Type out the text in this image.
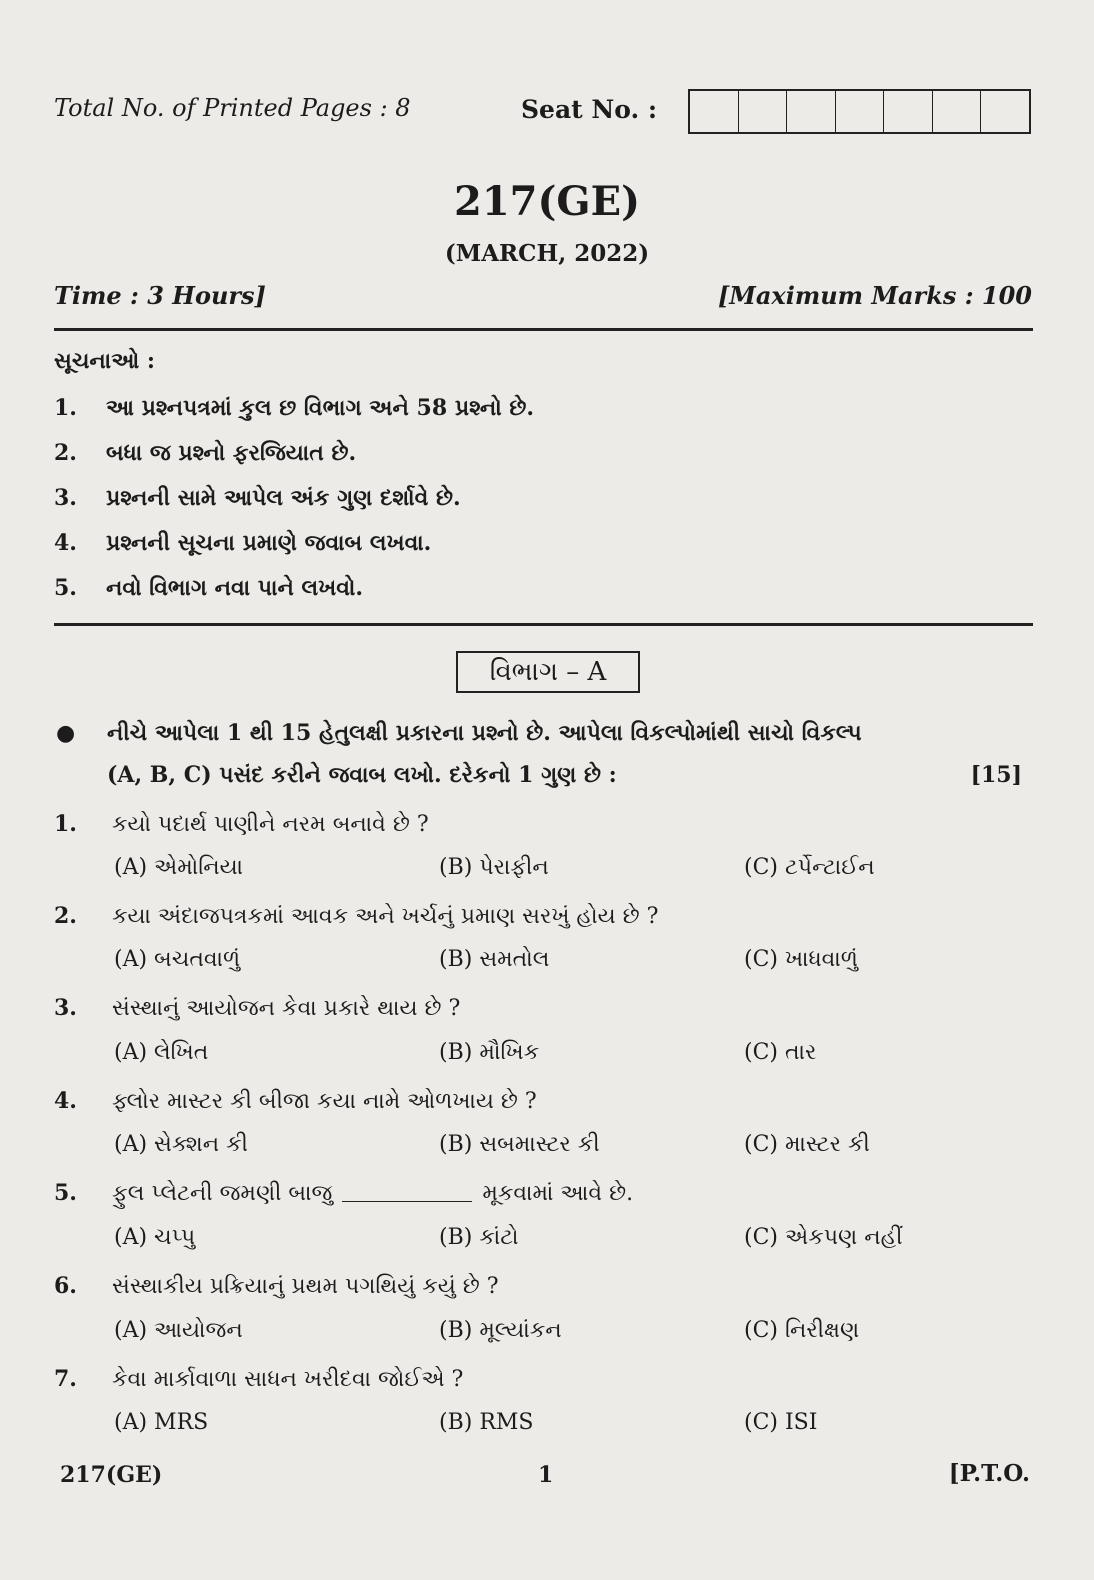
Total No. of Printed Pages : 8	Seat No. :
217(GE)
(MARCH, 2022)
Time : 3 Hours]	[Maximum Marks : 100
સૂચનાઓ :
1. આ પ્રશ્નપત્રમાં કુલ છ વિભાગ અને 58 પ્રશ્નો છે.
2. બધા જ પ્રશ્નો ફરજિયાત છે.
3. પ્રશ્નની સામે આપેલ અંક ગુણ દર્શાવે છે.
4. પ્રશ્નની સૂચના પ્રમાણે જવાબ લખવા.
5. નવો વિભાગ નવા પાને લખવો.
વિભાગ – A
● નીચે આપેલા 1 થી 15 હેતુલક્ષી પ્રકારના પ્રશ્નો છે. આપેલા વિકલ્પોમાંથી સાચો વિકલ્પ
(A, B, C) પસંદ કરીને જવાબ લખો. દરેકનો 1 ગુણ છે :	[15]
1. કયો પદાર્થ પાણીને નરમ બનાવે છે ?
(A) એમોનિયા	(B) પેરાફીન	(C) ટર્પેન્ટાઈન
2. કયા અંદાજપત્રકમાં આવક અને ખર્ચનું પ્રમાણ સરખું હોય છે ?
(A) બચતવાળું	(B) સમતોલ	(C) ખાધવાળું
3. સંસ્થાનું આયોજન કેવા પ્રકારે થાય છે ?
(A) લેખિત	(B) મૌખિક	(C) તાર
4. ફ્લોર માસ્ટર કી બીજા કયા નામે ઓળખાય છે ?
(A) સેક્શન કી	(B) સબમાસ્ટર કી	(C) માસ્ટર કી
5. ફુલ પ્લેટની જમણી બાજુ	મૂકવામાં આવે છે.
(A) ચપ્પુ	(B) કાંટો	(C) એકપણ નહીં
6. સંસ્થાકીય પ્રક્રિયાનું પ્રથમ પગથિયું કયું છે ?
(A) આયોજન	(B) મૂલ્યાંકન	(C) નિરીક્ષણ
7. કેવા માર્કાવાળા સાધન ખરીદવા જોઈએ ?
(A) MRS	(B) RMS	(C) ISI
217(GE)	1	[P.T.O.
